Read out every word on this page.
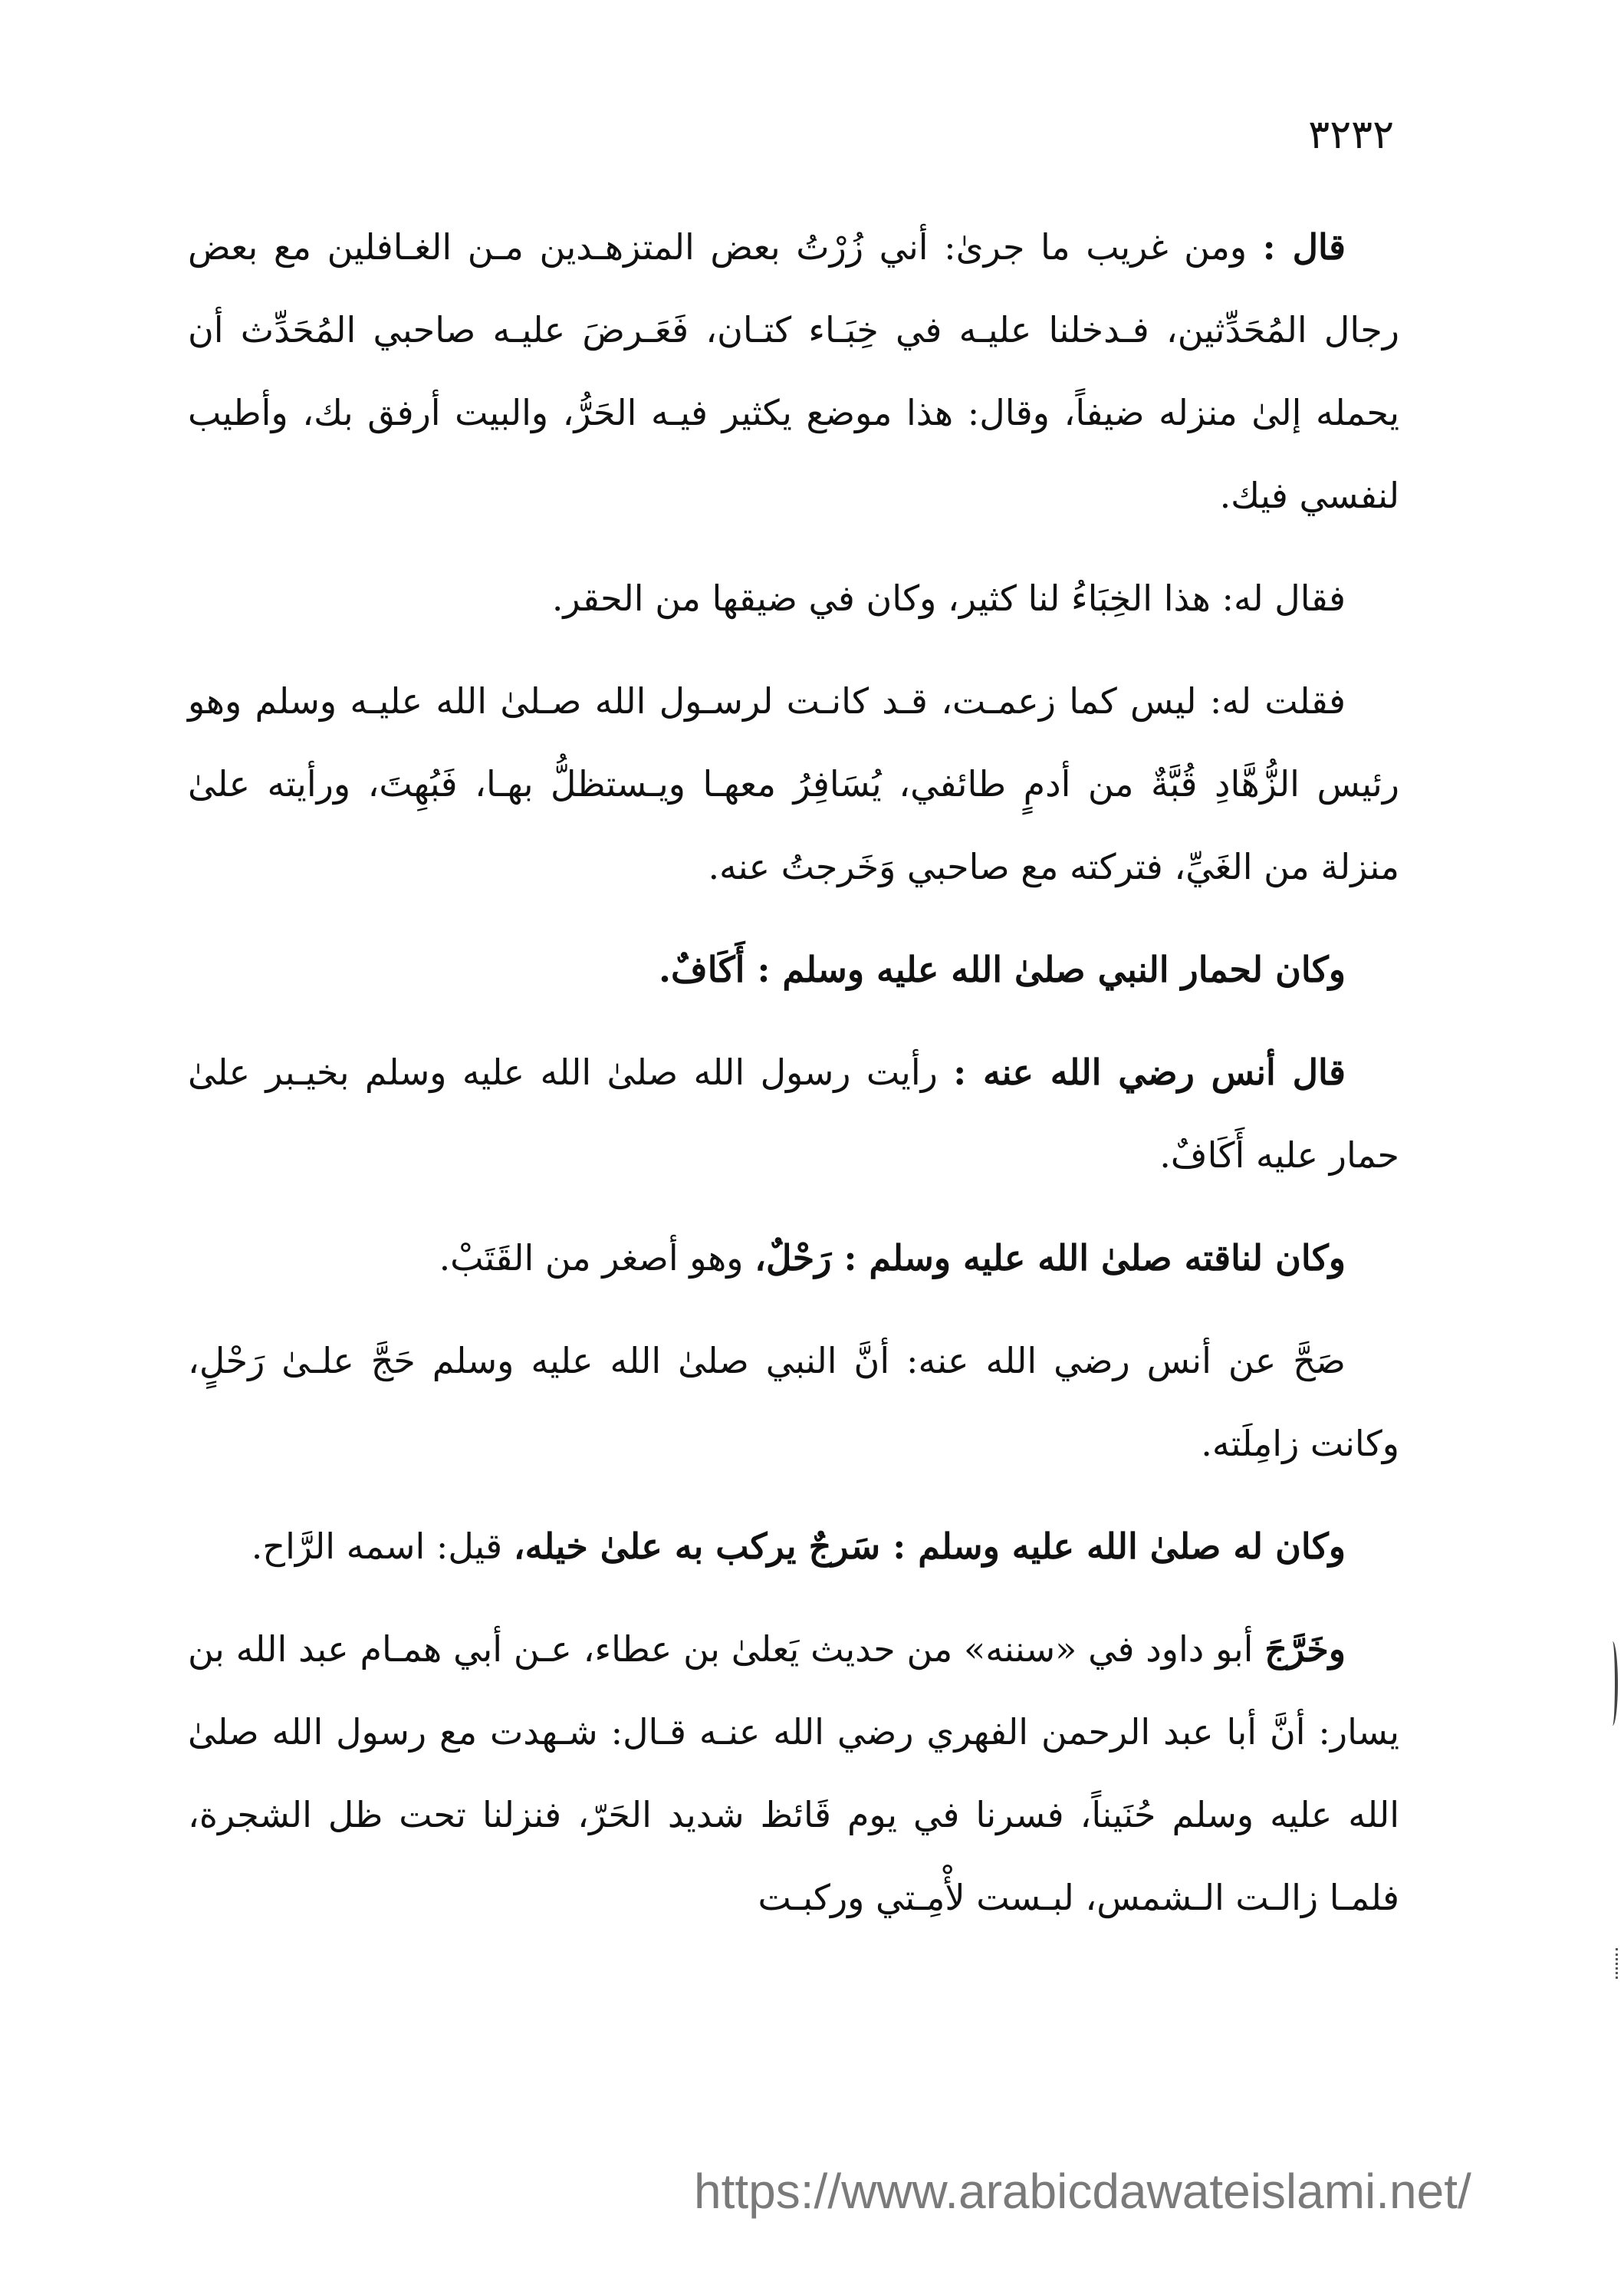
٣٢٣٢

قال : ومن غريب ما جرىٰ: أني زُرْتُ بعض المتزهـدين مـن الغـافلين مع بعض رجال المُحَدِّثين، فـدخلنا عليـه في خِبَـاء كتـان، فَعَـرضَ عليـه صاحبي المُحَدِّث أن يحمله إلىٰ منزله ضيفاً، وقال: هذا موضع يكثير فيـه الحَرُّ، والبيت أرفق بك، وأطيب لنفسي فيك.

فقال له: هذا الخِبَاءُ لنا كثير، وكان في ضيقها من الحقر.

فقلت له: ليس كما زعمـت، قـد كانـت لرسـول الله صـلىٰ الله عليـه وسلم وهو رئيس الزُّهَّادِ قُبَّةٌ من أدمٍ طائفي، يُسَافِرُ معهـا ويـستظلُّ بهـا، فَبُهِتَ، ورأيته علىٰ منزلة من الغَيِّ، فتركته مع صاحبي وَخَرجتُ عنه.

وكان لحمار النبي صلىٰ الله عليه وسلم : أَكَافٌ.

قال أنس رضي الله عنه : رأيت رسول الله صلىٰ الله عليه وسلم بخيـبر علىٰ حمار عليه أَكَافٌ.

وكان لناقته صلىٰ الله عليه وسلم : رَحْلٌ، وهو أصغر من القَتَبْ.

صَحَّ عن أنس رضي الله عنه: أنَّ النبي صلىٰ الله عليه وسلم حَجَّ علـىٰ رَحْلٍ، وكانت زامِلَته.

وكان له صلىٰ الله عليه وسلم : سَرجٌ يركب به علىٰ خيله، قيل: اسمه الرَّاح.

وخَرَّجَ أبو داود في «سننه» من حديث يَعلىٰ بن عطاء، عـن أبي همـام عبد الله بن يسار: أنَّ أبا عبد الرحمن الفهري رضي الله عنـه قـال: شـهدت مع رسول الله صلىٰ الله عليه وسلم حُنَيناً، فسرنا في يوم قَائظ شديد الحَرّ، فنزلنا تحت ظل الشجرة، فلمـا زالـت الـشمس، لبـست لأْمِـتي وركبـت

https://www.arabicdawateislami.net/
